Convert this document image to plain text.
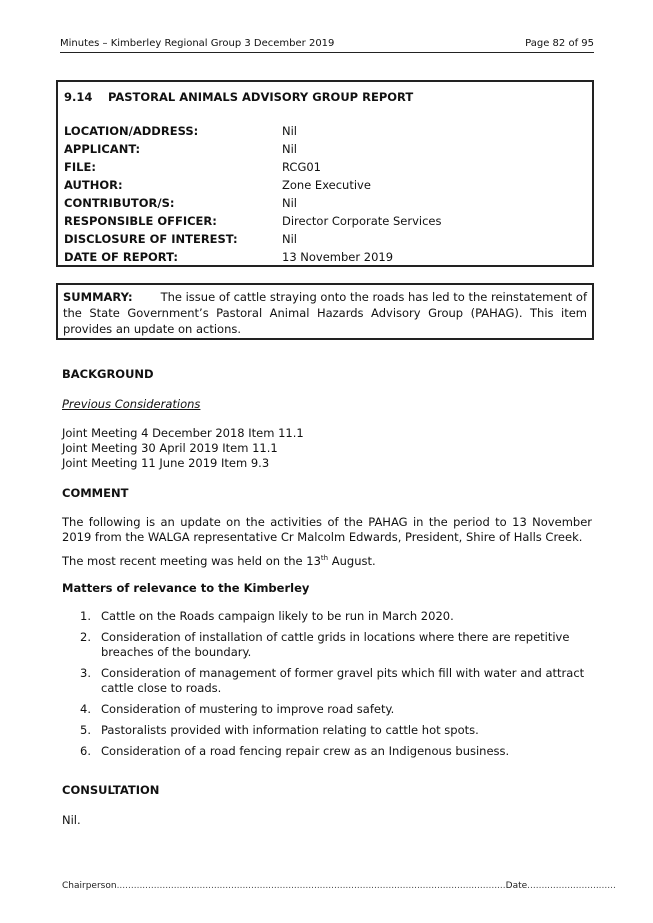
Minutes – Kimberley Regional Group 3 December 2019	Page 82 of 95
9.14 PASTORAL ANIMALS ADVISORY GROUP REPORT
LOCATION/ADDRESS:	Nil
APPLICANT:	Nil
FILE:	RCG01
AUTHOR:	Zone Executive
CONTRIBUTOR/S:	Nil
RESPONSIBLE OFFICER:	Director Corporate Services
DISCLOSURE OF INTEREST:	Nil
DATE OF REPORT:	13 November 2019
SUMMARY: The issue of cattle straying onto the roads has led to the reinstatement of the State Government’s Pastoral Animal Hazards Advisory Group (PAHAG). This item provides an update on actions.
BACKGROUND
Previous Considerations
Joint Meeting 4 December 2018 Item 11.1
Joint Meeting 30 April 2019 Item 11.1
Joint Meeting 11 June 2019 Item 9.3
COMMENT
The following is an update on the activities of the PAHAG in the period to 13 November 2019 from the WALGA representative Cr Malcolm Edwards, President, Shire of Halls Creek.
The most recent meeting was held on the 13th August.
Matters of relevance to the Kimberley
1. Cattle on the Roads campaign likely to be run in March 2020.
2. Consideration of installation of cattle grids in locations where there are repetitive breaches of the boundary.
3. Consideration of management of former gravel pits which fill with water and attract cattle close to roads.
4. Consideration of mustering to improve road safety.
5. Pastoralists provided with information relating to cattle hot spots.
6. Consideration of a road fencing repair crew as an Indigenous business.
CONSULTATION
Nil.
Chairperson........................................................................................................................................Date...............................
